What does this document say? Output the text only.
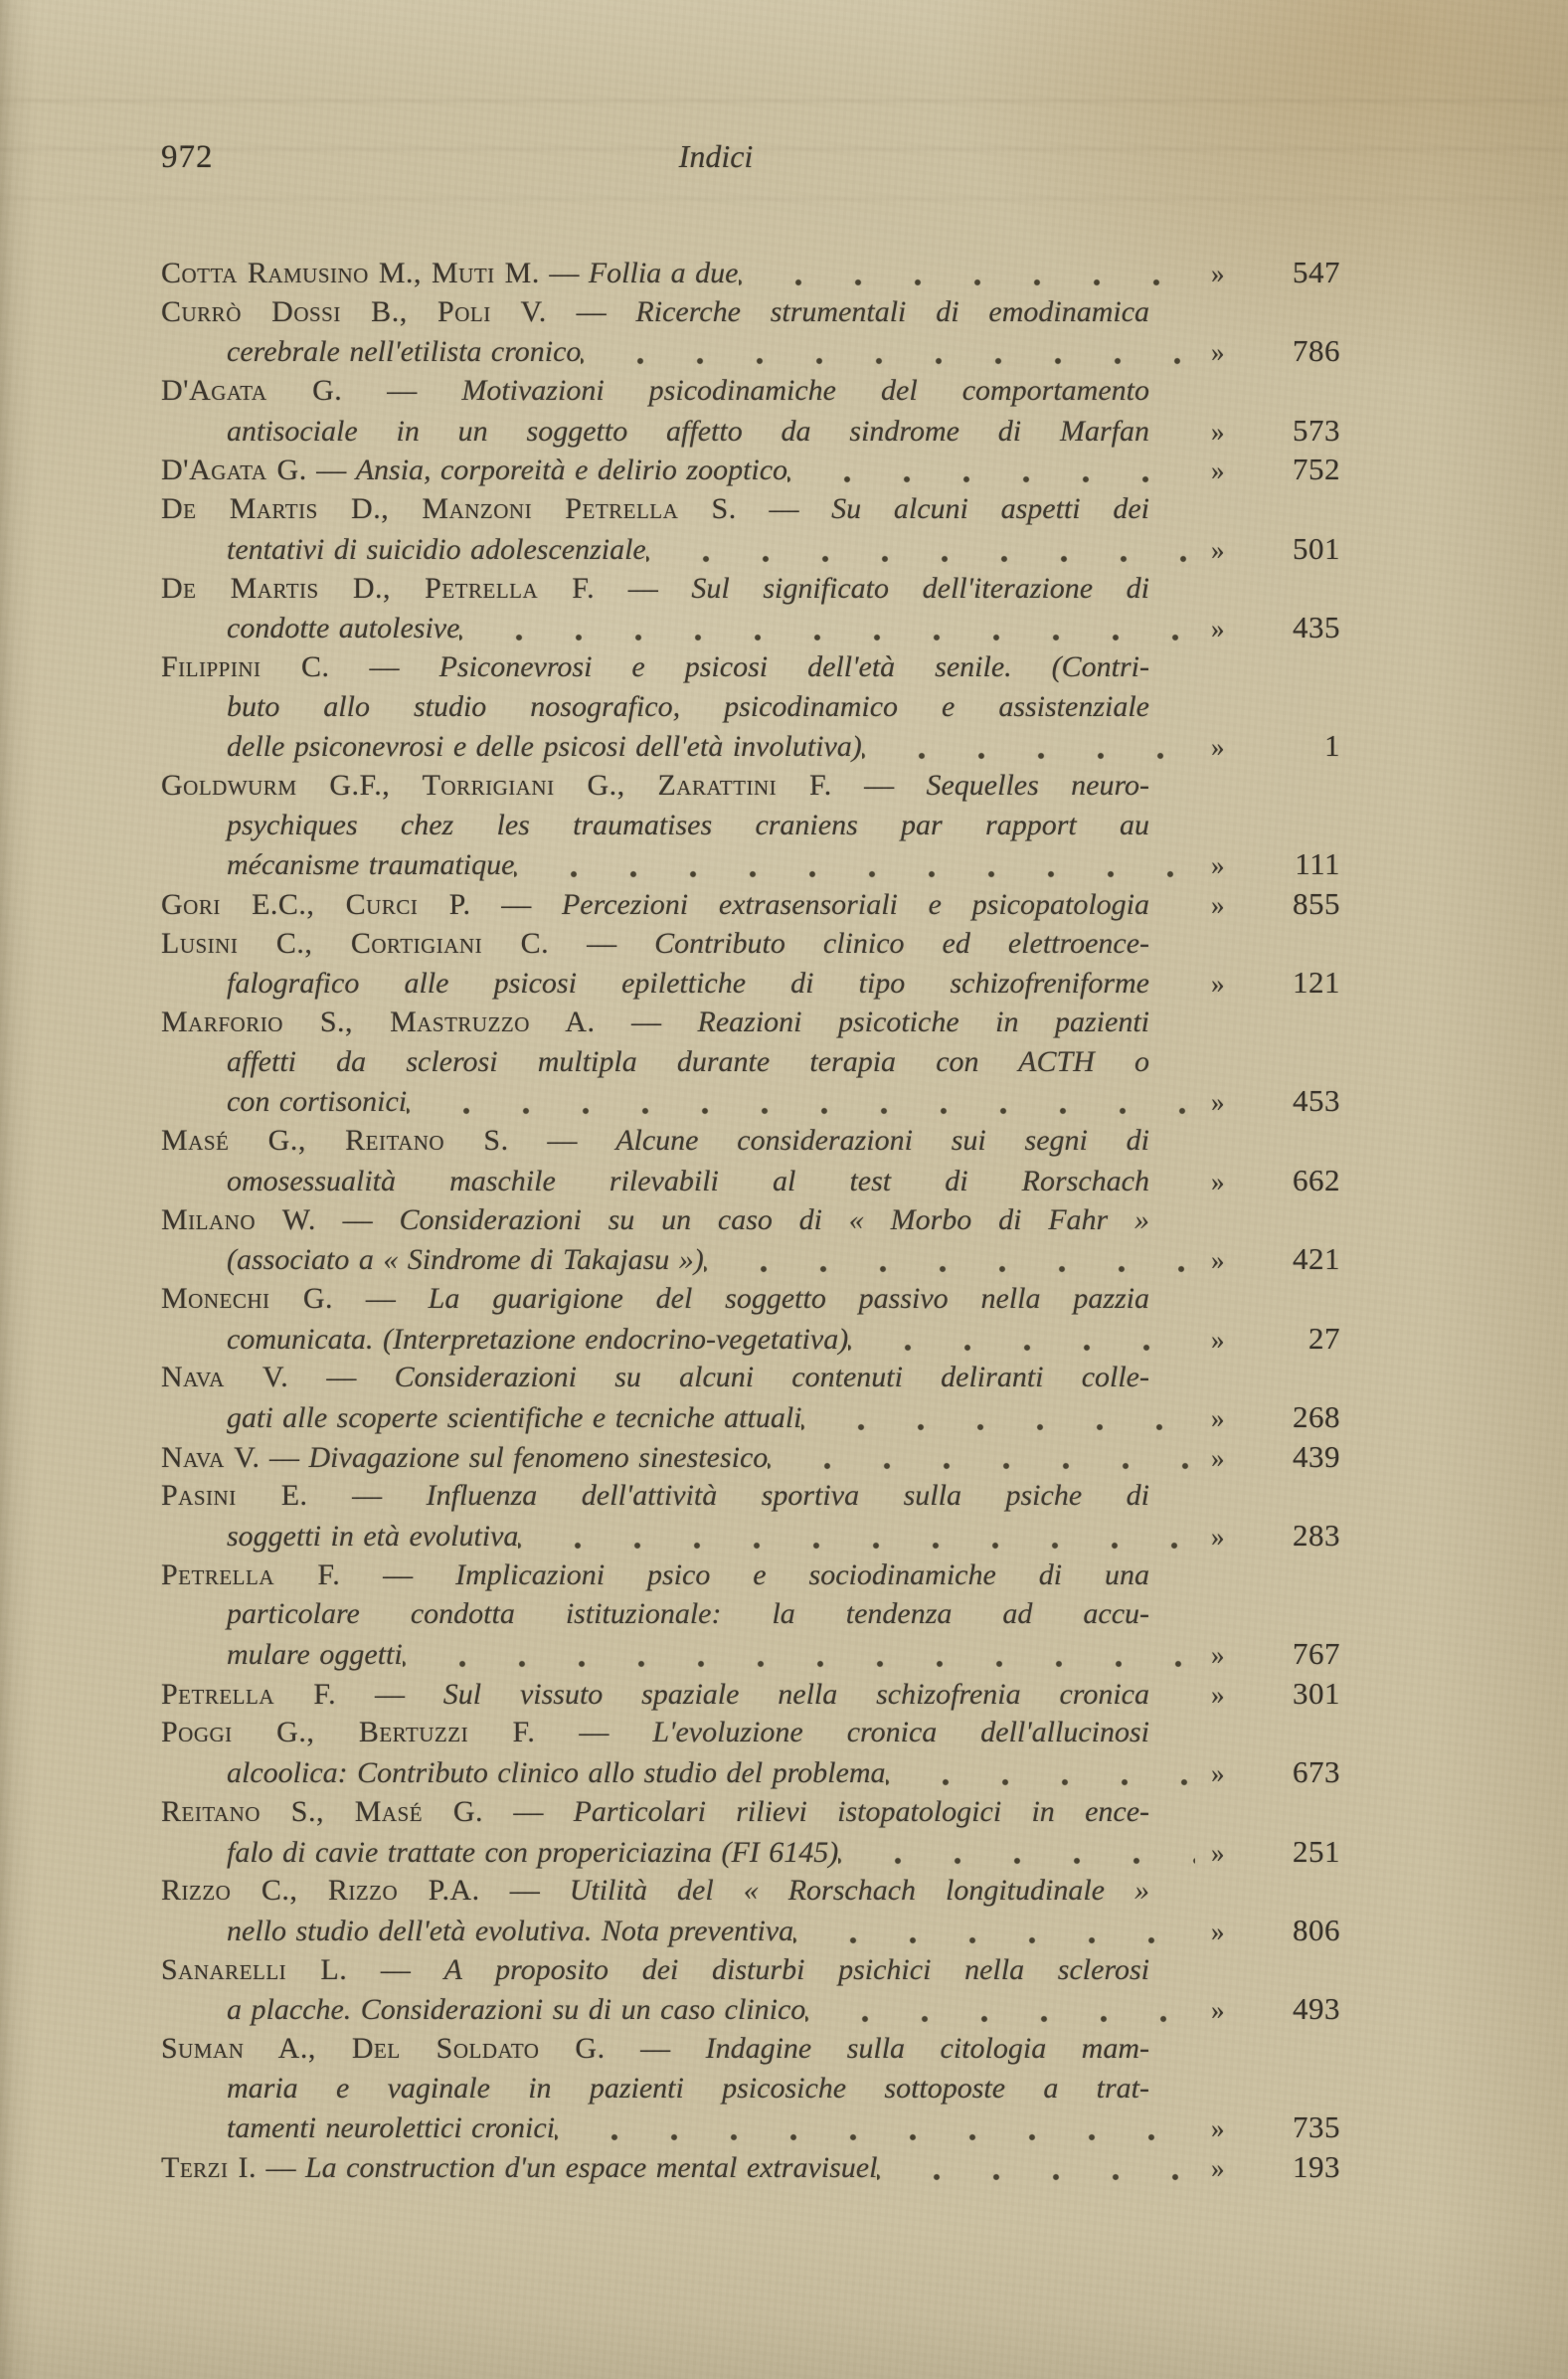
972	Indici
Cotta Ramusino M., Muti M. — Follia a due	»	547
Currò Dossi B., Poli V. — Ricerche strumentali di emodinamica
cerebrale nell'etilista cronico	»	786
D'Agata G. — Motivazioni psicodinamiche del comportamento
antisociale in un soggetto affetto da sindrome di Marfan	»	573
D'Agata G. — Ansia, corporeità e delirio zooptico	»	752
De Martis D., Manzoni Petrella S. — Su alcuni aspetti dei
tentativi di suicidio adolescenziale	»	501
De Martis D., Petrella F. — Sul significato dell'iterazione di
condotte autolesive	»	435
Filippini C. — Psiconevrosi e psicosi dell'età senile. (Contri-
buto allo studio nosografico, psicodinamico e assistenziale
delle psiconevrosi e delle psicosi dell'età involutiva)	»	1
Goldwurm G.F., Torrigiani G., Zarattini F. — Sequelles neuro-
psychiques chez les traumatises craniens par rapport au
mécanisme traumatique	»	111
Gori E.C., Curci P. — Percezioni extrasensoriali e psicopatologia	»	855
Lusini C., Cortigiani C. — Contributo clinico ed elettroence-
falografico alle psicosi epilettiche di tipo schizofreniforme	»	121
Marforio S., Mastruzzo A. — Reazioni psicotiche in pazienti
affetti da sclerosi multipla durante terapia con ACTH o
con cortisonici	»	453
Masé G., Reitano S. — Alcune considerazioni sui segni di
omosessualità maschile rilevabili al test di Rorschach	»	662
Milano W. — Considerazioni su un caso di « Morbo di Fahr »
(associato a « Sindrome di Takajasu »)	»	421
Monechi G. — La guarigione del soggetto passivo nella pazzia
comunicata. (Interpretazione endocrino-vegetativa)	»	27
Nava V. — Considerazioni su alcuni contenuti deliranti colle-
gati alle scoperte scientifiche e tecniche attuali	»	268
Nava V. — Divagazione sul fenomeno sinestesico	»	439
Pasini E. — Influenza dell'attività sportiva sulla psiche di
soggetti in età evolutiva	»	283
Petrella F. — Implicazioni psico e sociodinamiche di una
particolare condotta istituzionale: la tendenza ad accu-
mulare oggetti	»	767
Petrella F. — Sul vissuto spaziale nella schizofrenia cronica	»	301
Poggi G., Bertuzzi F. — L'evoluzione cronica dell'allucinosi
alcoolica: Contributo clinico allo studio del problema	»	673
Reitano S., Masé G. — Particolari rilievi istopatologici in ence-
falo di cavie trattate con propericiazina (FI 6145)	»	251
Rizzo C., Rizzo P.A. — Utilità del « Rorschach longitudinale »
nello studio dell'età evolutiva. Nota preventiva	»	806
Sanarelli L. — A proposito dei disturbi psichici nella sclerosi
a placche. Considerazioni su di un caso clinico	»	493
Suman A., Del Soldato G. — Indagine sulla citologia mam-
maria e vaginale in pazienti psicosiche sottoposte a trat-
tamenti neurolettici cronici	»	735
Terzi I. — La construction d'un espace mental extravisuel	»	193
